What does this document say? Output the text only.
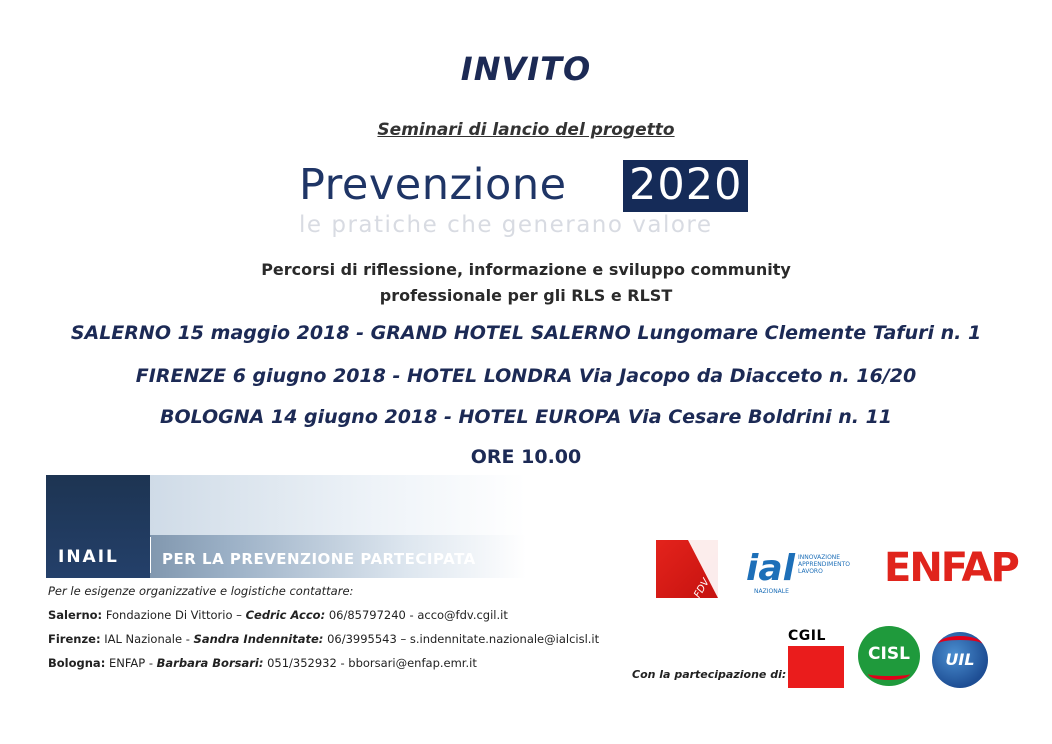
INVITO
Seminari di lancio del progetto
Prevenzione 2020
le pratiche che generano valore
Percorsi di riflessione, informazione e sviluppo community
professionale per gli RLS e RLST
SALERNO 15 maggio 2018 - GRAND HOTEL SALERNO Lungomare Clemente Tafuri n. 1
FIRENZE 6 giugno 2018 - HOTEL LONDRA Via Jacopo da Diacceto n. 16/20
BOLOGNA 14 giugno 2018 - HOTEL EUROPA Via Cesare Boldrini n. 11
ORE 10.00
INAIL	PER LA PREVENZIONE PARTECIPATA
Per le esigenze organizzative e logistiche contattare:
Salerno: Fondazione Di Vittorio – Cedric Acco: 06/85797240 - acco@fdv.cgil.it
Firenze: IAL Nazionale - Sandra Indennitate: 06/3995543 – s.indennitate.nazionale@ialcisl.it
Bologna: ENFAP - Barbara Borsari: 051/352932 - bborsari@enfap.emr.it
FDV ial INNOVAZIONE APPRENDIMENTO LAVORO
NAZIONALE
ENFAP
Con la partecipazione di:
CGIL
CISL	UIL
